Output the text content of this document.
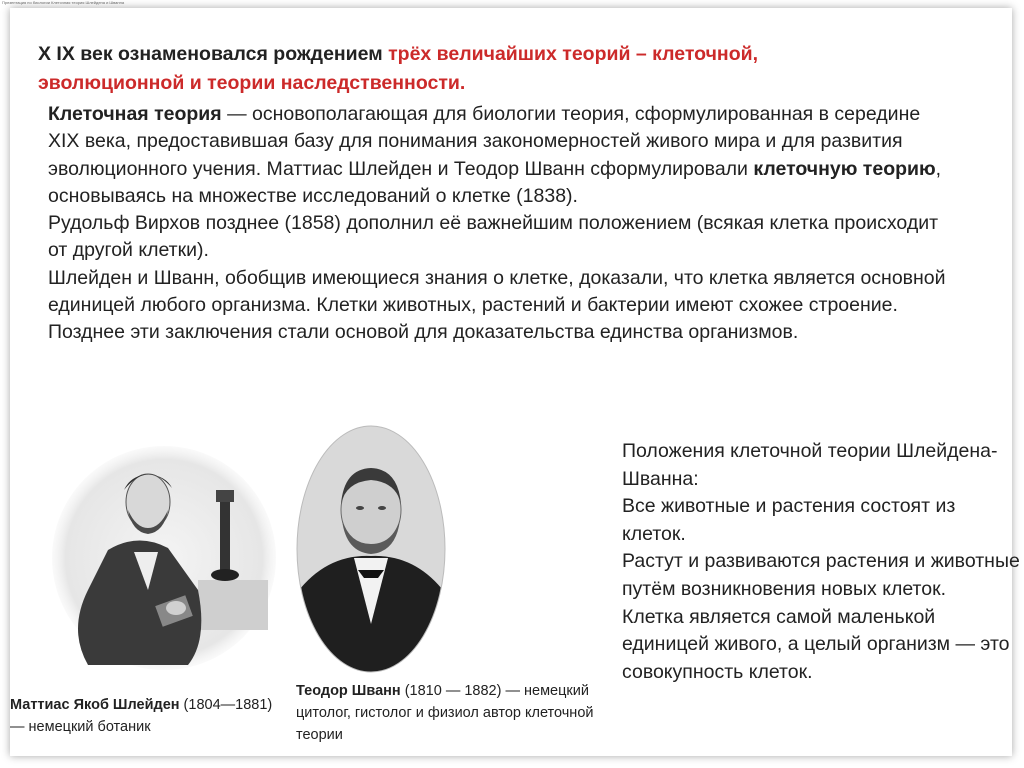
Презентация по биологии Клеточная теория Шлейдена и Шванна
X IX век ознаменовался рождением трёх величайших теорий – клеточной,
эволюционной и теории наследственности.

Клеточная теория — основополагающая для биологии теория, сформулированная в середине XIX века, предоставившая базу для понимания закономерностей живого мира и для развития эволюционного учения. Маттиас Шлейден и Теодор Шванн сформулировали клеточную теорию, основываясь на множестве исследований о клетке (1838).

Рудольф Вирхов позднее (1858) дополнил её важнейшим положением (всякая клетка происходит от другой клетки).

Шлейден и Шванн, обобщив имеющиеся знания о клетке, доказали, что клетка является основной единицей любого организма. Клетки животных, растений и бактерии имеют схожее строение. Позднее эти заключения стали основой для доказательства единства организмов.

Маттиас Якоб Шлейден (1804—1881) — немецкий ботаник
Теодор Шванн (1810 — 1882) — немецкий цитолог, гистолог и физиол автор клеточной теории
Положения клеточной теории Шлейдена-Шванна:
Все животные и растения состоят из клеток.
Растут и развиваются растения и животные путём возникновения новых клеток.
Клетка является самой маленькой единицей живого, а целый организм — это совокупность клеток.
